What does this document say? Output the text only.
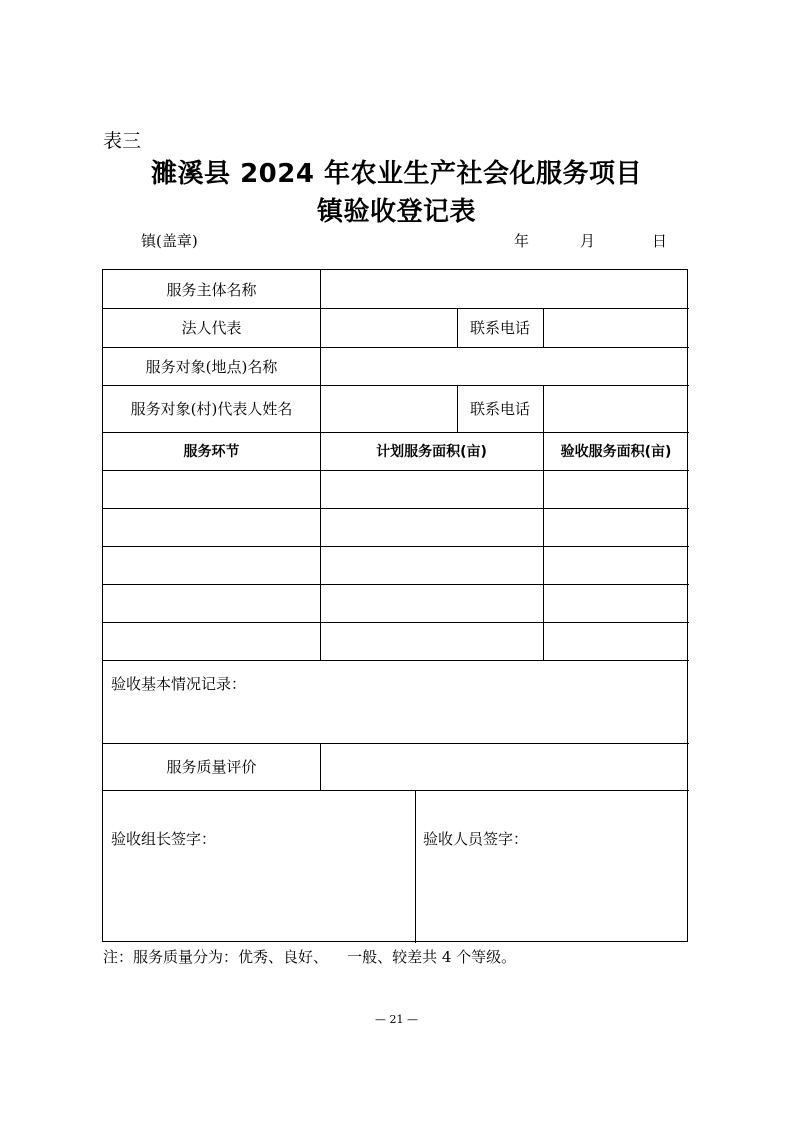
表三
濉溪县 2024 年农业生产社会化服务项目
镇验收登记表
镇(盖章)	年	月	日
服务主体名称
法人代表	联系电话
服务对象(地点)名称
服务对象(村)代表人姓名	联系电话
服务环节	计划服务面积(亩)	验收服务面积(亩)
验收基本情况记录：
服务质量评价
验收组长签字：	验收人员签字：
注：服务质量分为：优秀、良好、    一般、较差共 4 个等级。
— 21 —
